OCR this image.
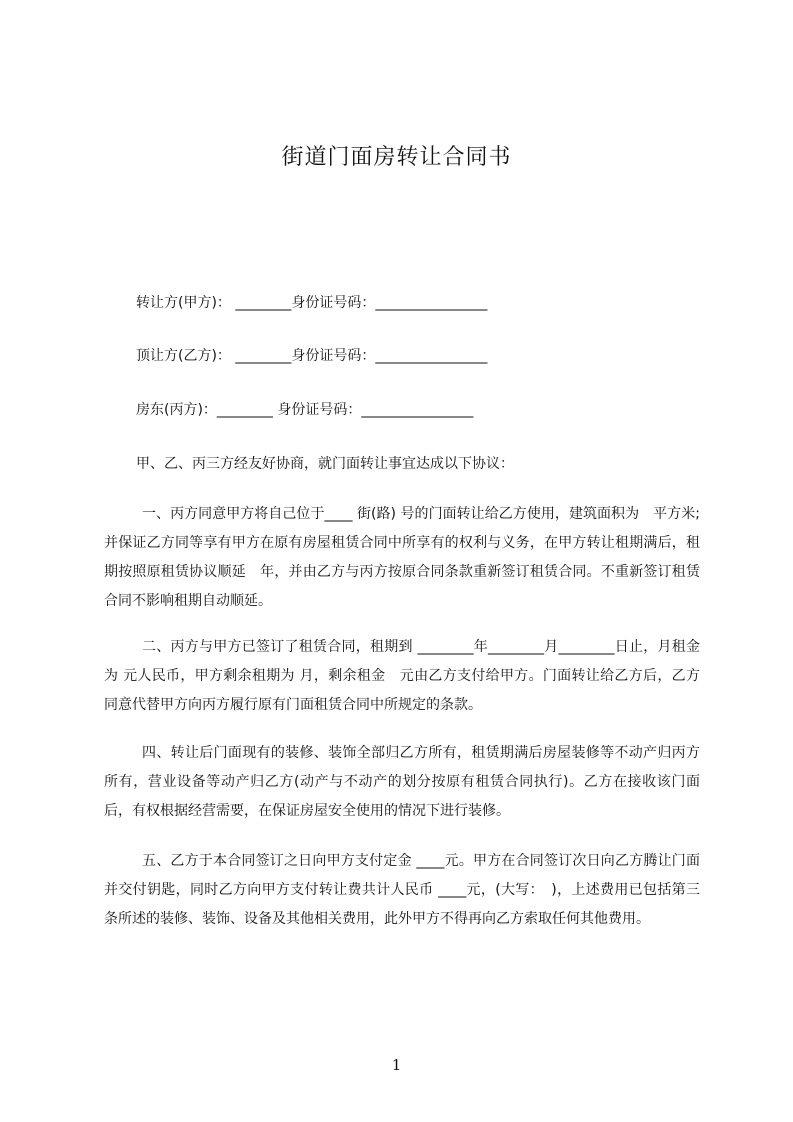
街道门面房转让合同书

转让方(甲方)： ________身份证号码：________________

顶让方(乙方)： ________身份证号码：________________

房东(丙方)：________ 身份证号码：________________

甲、乙、丙三方经友好协商，就门面转让事宜达成以下协议：

一、丙方同意甲方将自己位于____ 街(路) 号的门面转让给乙方使用，建筑面积为　平方米;并保证乙方同等享有甲方在原有房屋租赁合同中所享有的权利与义务，在甲方转让租期满后，租期按照原租赁协议顺延　年，并由乙方与丙方按原合同条款重新签订租赁合同。不重新签订租赁合同不影响租期自动顺延。

二、丙方与甲方已签订了租赁合同，租期到 ________年________月________日止，月租金为 元人民币，甲方剩余租期为 月，剩余租金　元由乙方支付给甲方。门面转让给乙方后，乙方同意代替甲方向丙方履行原有门面租赁合同中所规定的条款。

四、转让后门面现有的装修、装饰全部归乙方所有，租赁期满后房屋装修等不动产归丙方所有，营业设备等动产归乙方(动产与不动产的划分按原有租赁合同执行)。乙方在接收该门面后，有权根据经营需要，在保证房屋安全使用的情况下进行装修。

五、乙方于本合同签订之日向甲方支付定金 ____元。甲方在合同签订次日向乙方腾让门面并交付钥匙，同时乙方向甲方支付转让费共计人民币 ____元，(大写：　)，上述费用已包括第三条所述的装修、装饰、设备及其他相关费用，此外甲方不得再向乙方索取任何其他费用。

1
